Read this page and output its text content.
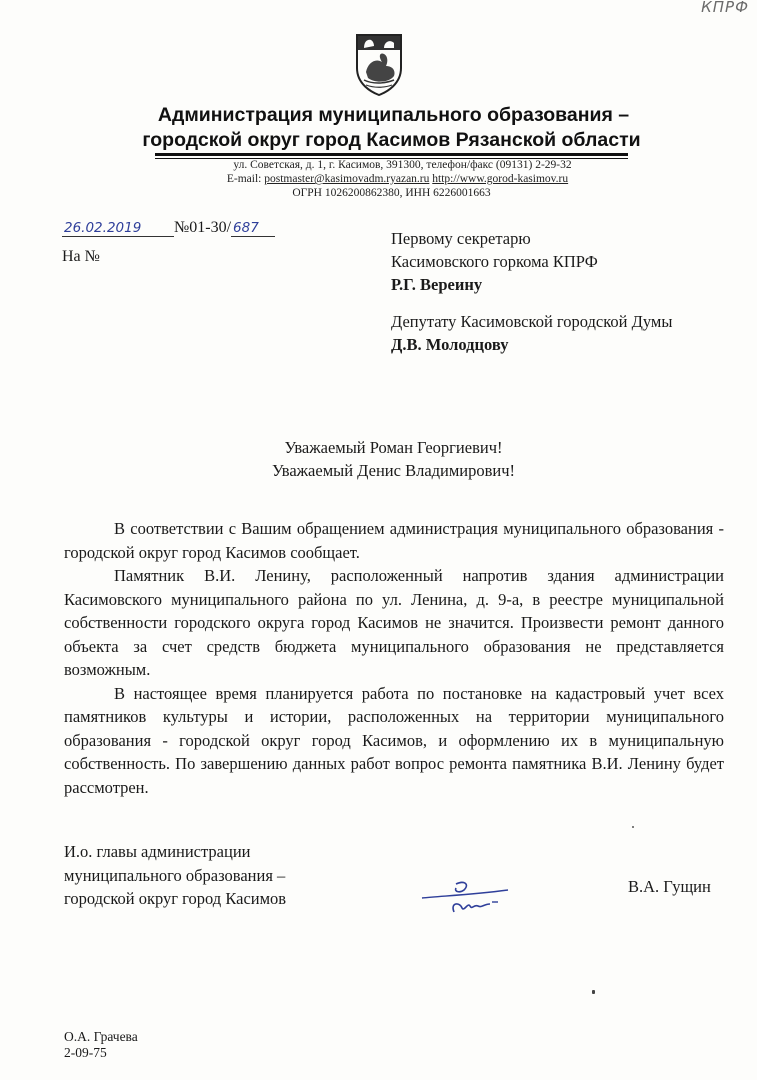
КПРФ
Администрация муниципального образования –
городской округ город Касимов Рязанской области
ул. Советская, д. 1, г. Касимов, 391300, телефон/факс (09131) 2-29-32
E-mail: postmaster@kasimovadm.ryazan.ru http://www.gorod-kasimov.ru
ОГРН 1026200862380, ИНН 6226001663
26.02.2019 №01-30/ 687
На №
Первому секретарю
Касимовского горкома КПРФ
Р.Г. Вереину
Депутату Касимовской городской Думы
Д.В. Молодцову
Уважаемый Роман Георгиевич!
Уважаемый Денис Владимирович!

В соответствии с Вашим обращением администрация муниципального образования - городской округ город Касимов сообщает.

Памятник В.И. Ленину, расположенный напротив здания администрации Касимовского муниципального района по ул. Ленина, д. 9-а, в реестре муниципальной собственности городского округа город Касимов не значится. Произвести ремонт данного объекта за счет средств бюджета муниципального образования не представляется возможным.

В настоящее время планируется работа по постановке на кадастровый учет всех памятников культуры и истории, расположенных на территории муниципального образования - городской округ город Касимов, и оформлению их в муниципальную собственность. По завершению данных работ вопрос ремонта памятника В.И. Ленину будет рассмотрен.

И.о. главы администрации
муниципального образования –
городской округ город Касимов
В.А. Гущин
О.А. Грачева
2-09-75
